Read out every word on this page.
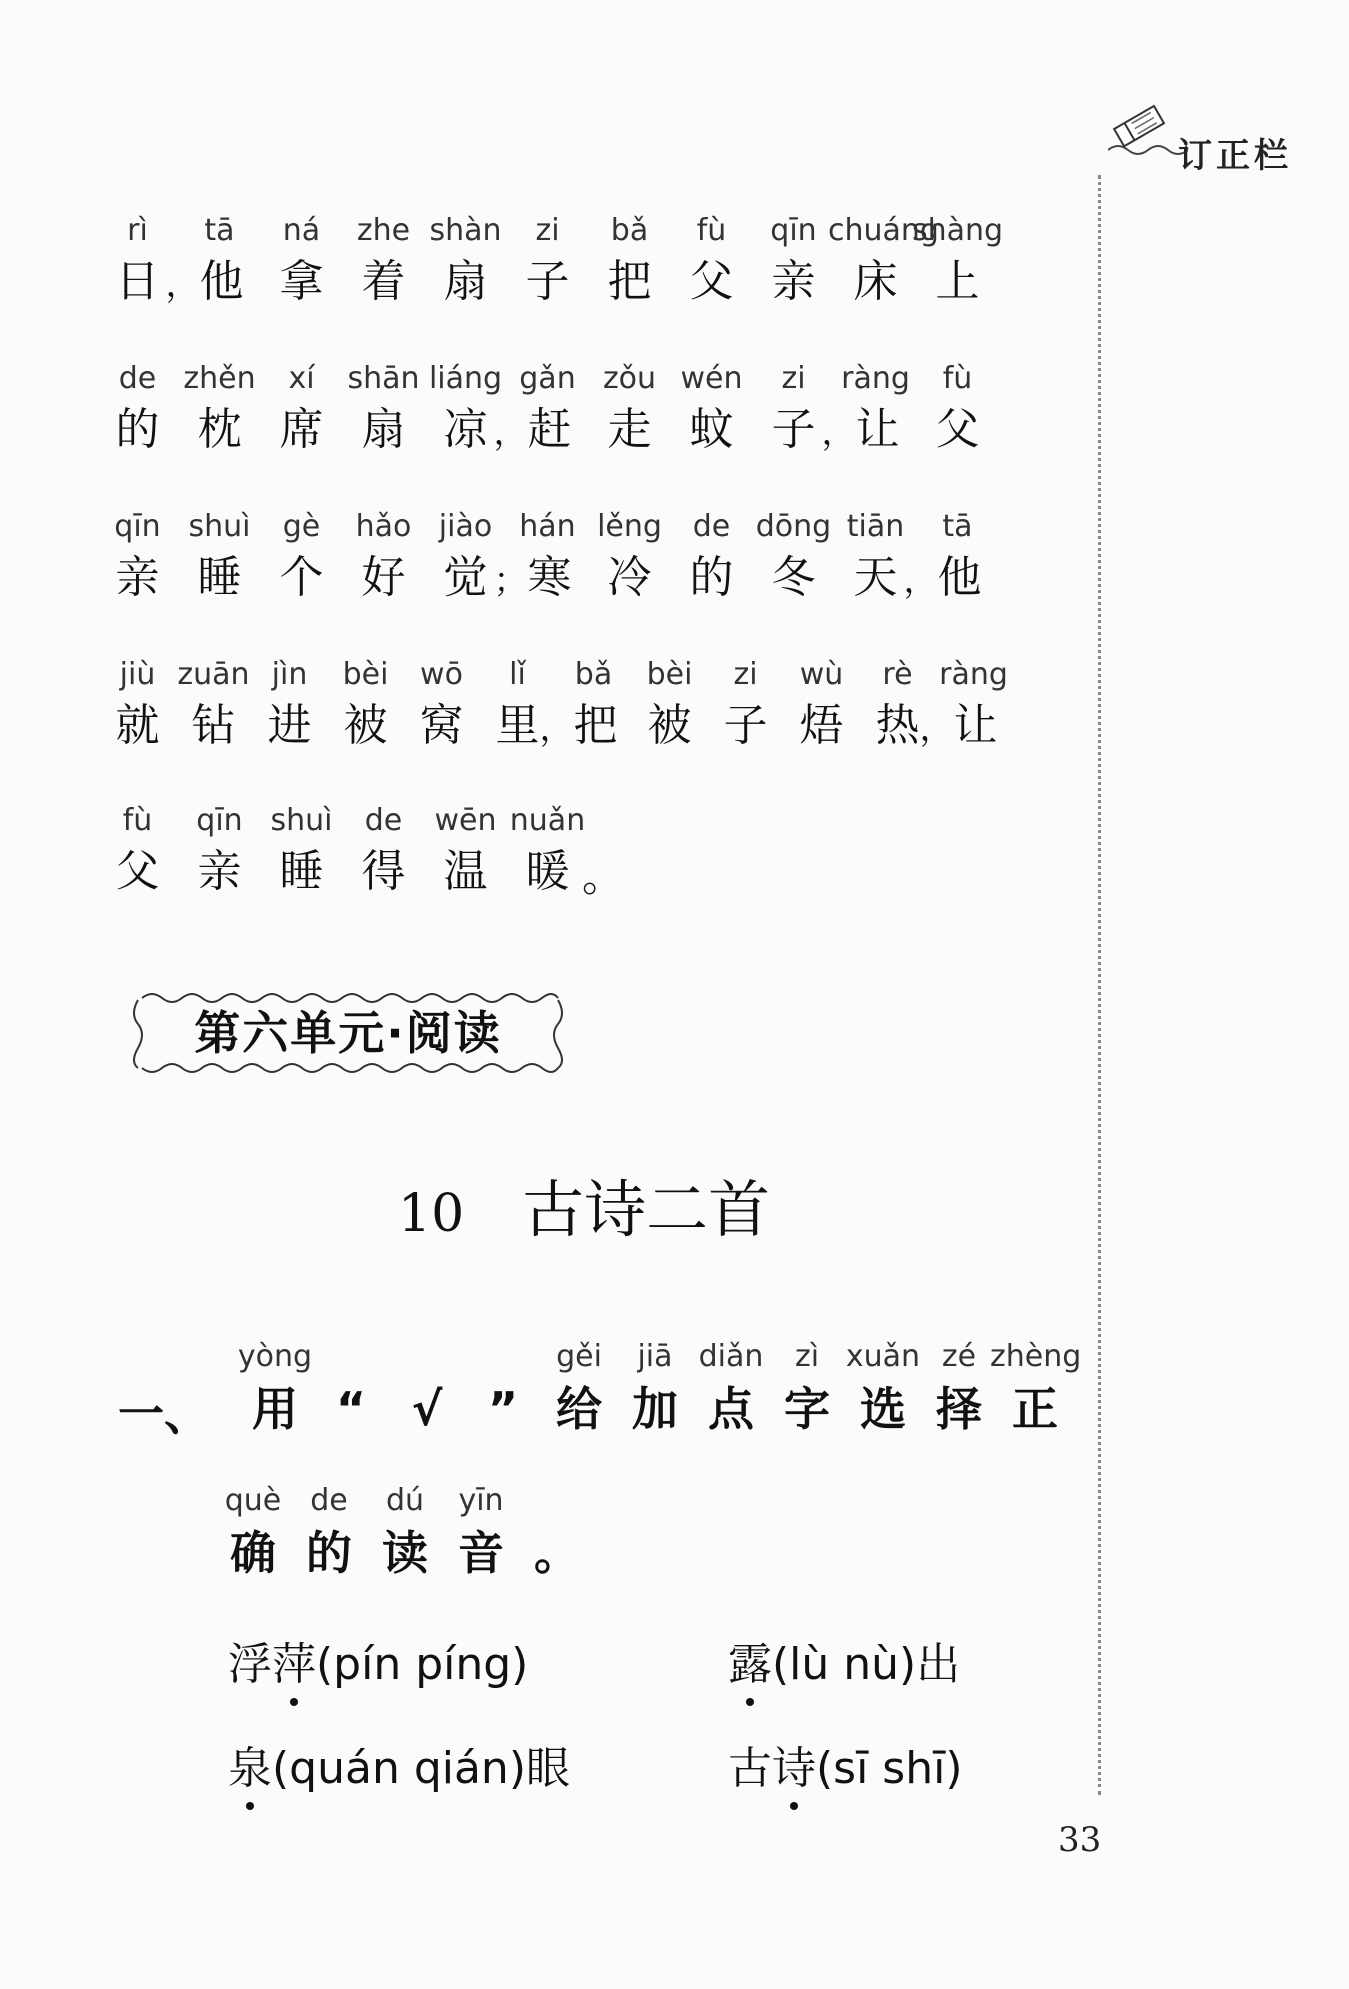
订正栏
rì
日
tā
，他
ná
拿
zhe
着
shàn
扇
zi
子
bǎ
把
fù
父
qīn
亲
chuáng
床
shàng
上
de
的
zhěn
枕
xí
席
shān
扇
liáng
凉
gǎn
，赶
zǒu
走
wén
蚊
zi
子
ràng
，让
fù
父
qīn
亲
shuì
睡
gè
个
hǎo
好
jiào
觉
hán
；寒
lěng
冷
de
的
dōng
冬
tiān
天
tā
，他
jiù
就
zuān
钻
jìn
进
bèi
被
wō
窝
lǐ
里
bǎ
，把
bèi
被
zi
子
wù
焐
rè
热
ràng
，让
fù
父
qīn
亲
shuì
睡
de
得
wēn
温
nuǎn
暖 。
第六单元·阅读
10 古诗二首
一、
yòng
用 “ √ ”
gěi
给
jiā
加
diǎn
点
zì
字
xuǎn
选
zé
择
zhèng
正
què
确
de
的
dú
读
yīn
音 。
浮萍(pín píng)	露(lù nù)出
泉(quán qián)眼	古诗(sī shī)
33
